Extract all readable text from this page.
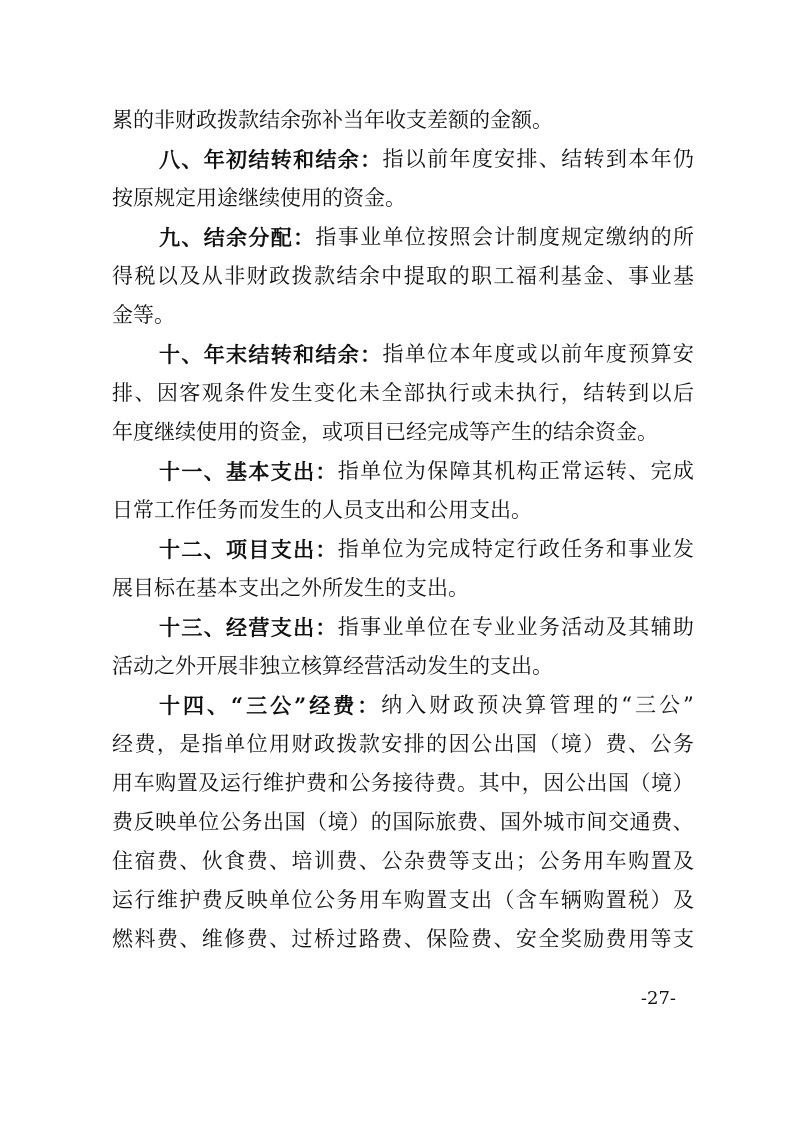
累 的 非 财 政 拨 款 结 余 弥 补 当 年 收 支 差 额 的 金 额 。
八 、 年 初 结 转 和 结 余 ： 指 以 前 年 度 安 排 、 结 转 到 本 年 仍
按 原 规 定 用 途 继 续 使 用 的 资 金 。
九 、 结 余 分 配 ： 指 事 业 单 位 按 照 会 计 制 度 规 定 缴 纳 的 所
得 税 以 及 从 非 财 政 拨 款 结 余 中 提 取 的 职 工 福 利 基 金 、 事 业 基
金 等 。
十 、 年 末 结 转 和 结 余 ： 指 单 位 本 年 度 或 以 前 年 度 预 算 安
排 、 因 客 观 条 件 发 生 变 化 未 全 部 执 行 或 未 执 行 ， 结 转 到 以 后
年 度 继 续 使 用 的 资 金 ， 或 项 目 已 经 完 成 等 产 生 的 结 余 资 金 。
十 一 、 基 本 支 出 ： 指 单 位 为 保 障 其 机 构 正 常 运 转 、 完 成
日 常 工 作 任 务 而 发 生 的 人 员 支 出 和 公 用 支 出 。
十 二 、 项 目 支 出 ： 指 单 位 为 完 成 特 定 行 政 任 务 和 事 业 发
展 目 标 在 基 本 支 出 之 外 所 发 生 的 支 出 。
十 三 、 经 营 支 出 ： 指 事 业 单 位 在 专 业 业 务 活 动 及 其 辅 助
活 动 之 外 开 展 非 独 立 核 算 经 营 活 动 发 生 的 支 出 。
十 四 、 “ 三 公 ” 经 费 ： 纳 入 财 政 预 决 算 管 理 的 “ 三 公 ”
经 费 ， 是 指 单 位 用 财 政 拨 款 安 排 的 因 公 出 国 （ 境 ） 费 、 公 务
用 车 购 置 及 运 行 维 护 费 和 公 务 接 待 费 。 其 中 ， 因 公 出 国 （ 境 ）
费 反 映 单 位 公 务 出 国 （ 境 ） 的 国 际 旅 费 、 国 外 城 市 间 交 通 费 、
住 宿 费 、 伙 食 费 、 培 训 费 、 公 杂 费 等 支 出 ； 公 务 用 车 购 置 及
运 行 维 护 费 反 映 单 位 公 务 用 车 购 置 支 出 （ 含 车 辆 购 置 税 ） 及
燃 料 费 、 维 修 费 、 过 桥 过 路 费 、 保 险 费 、 安 全 奖 励 费 用 等 支
-27-
